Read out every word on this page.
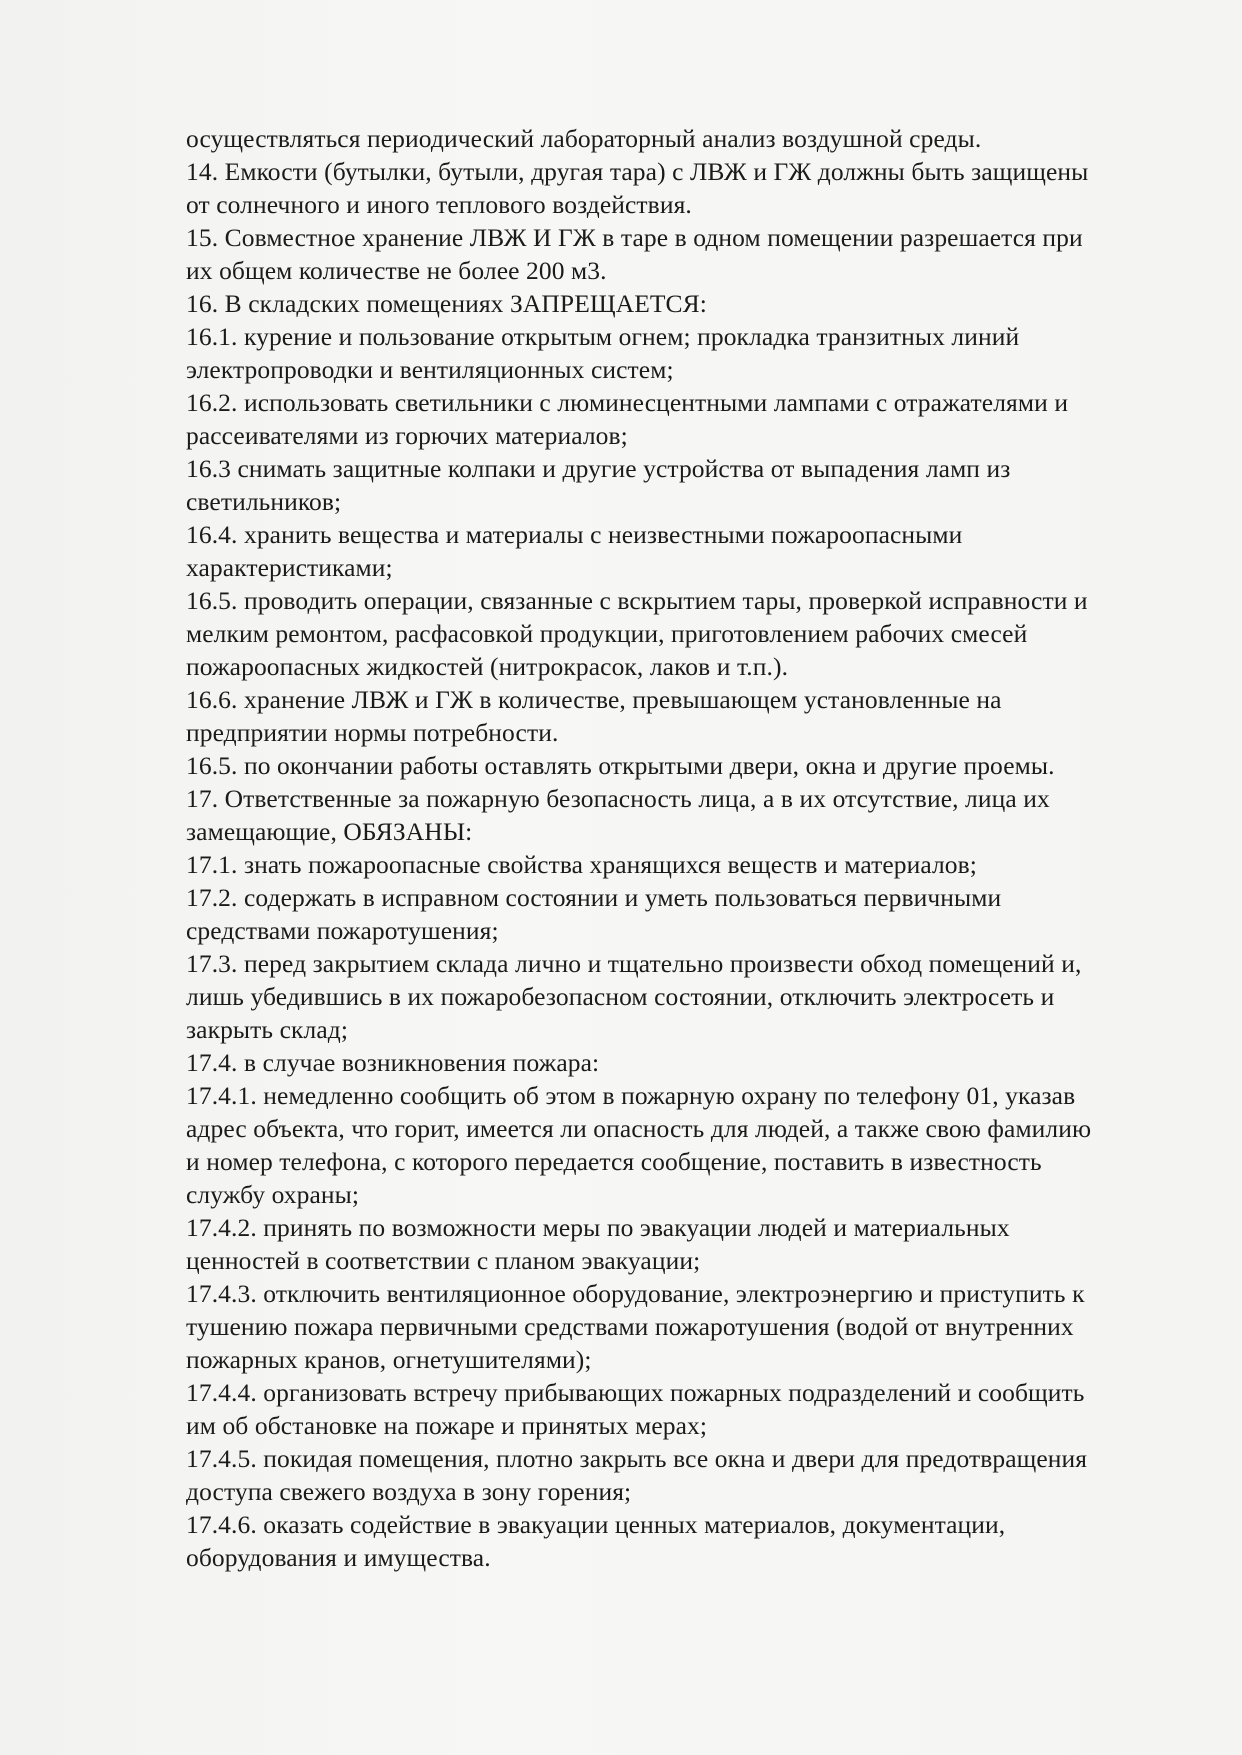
осуществляться периодический лабораторный анализ воздушной среды.
14. Емкости (бутылки, бутыли, другая тара) с ЛВЖ и ГЖ должны быть защищены
от солнечного и иного теплового воздействия.
15. Совместное хранение ЛВЖ И ГЖ в таре в одном помещении разрешается при
их общем количестве не более 200 м3.
16. В складских помещениях ЗАПРЕЩАЕТСЯ:
16.1. курение и пользование открытым огнем; прокладка транзитных линий
электропроводки и вентиляционных систем;
16.2. использовать светильники с люминесцентными лампами с отражателями и
рассеивателями из горючих материалов;
16.3 снимать защитные колпаки и другие устройства от выпадения ламп из
светильников;
16.4. хранить вещества и материалы с неизвестными пожароопасными
характеристиками;
16.5. проводить операции, связанные с вскрытием тары, проверкой исправности и
мелким ремонтом, расфасовкой продукции, приготовлением рабочих смесей
пожароопасных жидкостей (нитрокрасок, лаков и т.п.).
16.6. хранение ЛВЖ и ГЖ в количестве, превышающем установленные на
предприятии нормы потребности.
16.5. по окончании работы оставлять открытыми двери, окна и другие проемы.
17. Ответственные за пожарную безопасность лица, а в их отсутствие, лица их
замещающие, ОБЯЗАНЫ:
17.1. знать пожароопасные свойства хранящихся веществ и материалов;
17.2. содержать в исправном состоянии и уметь пользоваться первичными
средствами пожаротушения;
17.3. перед закрытием склада лично и тщательно произвести обход помещений и,
лишь убедившись в их пожаробезопасном состоянии, отключить электросеть и
закрыть склад;
17.4. в случае возникновения пожара:
17.4.1. немедленно сообщить об этом в пожарную охрану по телефону 01, указав
адрес объекта, что горит, имеется ли опасность для людей, а также свою фамилию
и номер телефона, с которого передается сообщение, поставить в известность
службу охраны;
17.4.2. принять по возможности меры по эвакуации людей и материальных
ценностей в соответствии с планом эвакуации;
17.4.3. отключить вентиляционное оборудование, электроэнергию и приступить к
тушению пожара первичными средствами пожаротушения (водой от внутренних
пожарных кранов, огнетушителями);
17.4.4. организовать встречу прибывающих пожарных подразделений и сообщить
им об обстановке на пожаре и принятых мерах;
17.4.5. покидая помещения, плотно закрыть все окна и двери для предотвращения
доступа свежего воздуха в зону горения;
17.4.6. оказать содействие в эвакуации ценных материалов, документации,
оборудования и имущества.
